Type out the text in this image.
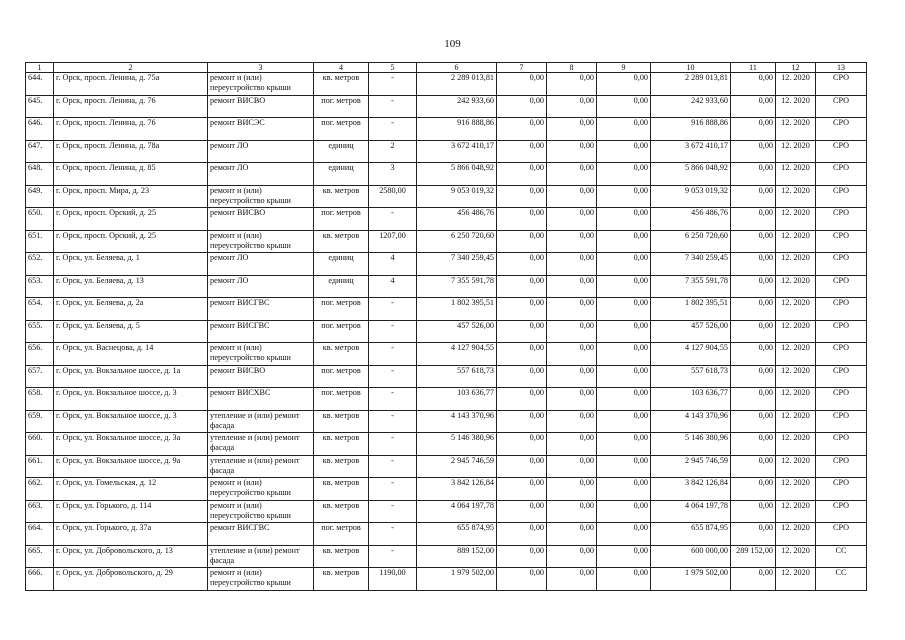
109
1	2	3	4	5	6	7	8	9	10	11	12	13
644.	г. Орск, просп. Ленина, д. 75а	ремонт и (или) переустройство крыши	кв. метров	-	2 289 013,81	0,00	0,00	0,00	2 289 013,81	0,00	12. 2020	СРО
645.	г. Орск, просп. Ленина, д. 76	ремонт ВИСВО	пог. метров	-	242 933,60	0,00	0,00	0,00	242 933,60	0,00	12. 2020	СРО
646.	г. Орск, просп. Ленина, д. 76	ремонт ВИСЭС	пог. метров	-	916 888,86	0,00	0,00	0,00	916 888,86	0,00	12. 2020	СРО
647.	г. Орск, просп. Ленина, д. 78а	ремонт ЛО	единиц	2	3 672 410,17	0,00	0,00	0,00	3 672 410,17	0,00	12. 2020	СРО
648.	г. Орск, просп. Ленина, д. 85	ремонт ЛО	единиц	3	5 866 048,92	0,00	0,00	0,00	5 866 048,92	0,00	12. 2020	СРО
649.	г. Орск, просп. Мира, д. 23	ремонт и (или) переустройство крыши	кв. метров	2580,00	9 053 019,32	0,00	0,00	0,00	9 053 019,32	0,00	12. 2020	СРО
650.	г. Орск, просп. Орский, д. 25	ремонт ВИСВО	пог. метров	-	456 486,76	0,00	0,00	0,00	456 486,76	0,00	12. 2020	СРО
651.	г. Орск, просп. Орский, д. 25	ремонт и (или) переустройство крыши	кв. метров	1207,00	6 250 720,60	0,00	0,00	0,00	6 250 720,60	0,00	12. 2020	СРО
652.	г. Орск, ул. Беляева, д. 1	ремонт ЛО	единиц	4	7 340 259,45	0,00	0,00	0,00	7 340 259,45	0,00	12. 2020	СРО
653.	г. Орск, ул. Беляева, д. 13	ремонт ЛО	единиц	4	7 355 591,78	0,00	0,00	0,00	7 355 591,78	0,00	12. 2020	СРО
654.	г. Орск, ул. Беляева, д. 2а	ремонт ВИСГВС	пог. метров	-	1 802 395,51	0,00	0,00	0,00	1 802 395,51	0,00	12. 2020	СРО
655.	г. Орск, ул. Беляева, д. 5	ремонт ВИСГВС	пог. метров	-	457 526,00	0,00	0,00	0,00	457 526,00	0,00	12. 2020	СРО
656.	г. Орск, ул. Васнецова, д. 14	ремонт и (или) переустройство крыши	кв. метров	-	4 127 904,55	0,00	0,00	0,00	4 127 904,55	0,00	12. 2020	СРО
657.	г. Орск, ул. Вокзальное шоссе, д. 1а	ремонт ВИСВО	пог. метров	-	557 618,73	0,00	0,00	0,00	557 618,73	0,00	12. 2020	СРО
658.	г. Орск, ул. Вокзальное шоссе, д. 3	ремонт ВИСХВС	пог. метров	-	103 636,77	0,00	0,00	0,00	103 636,77	0,00	12. 2020	СРО
659.	г. Орск, ул. Вокзальное шоссе, д. 3	утепление и (или) ремонт фасада	кв. метров	-	4 143 370,96	0,00	0,00	0,00	4 143 370,96	0,00	12. 2020	СРО
660.	г. Орск, ул. Вокзальное шоссе, д. 3а	утепление и (или) ремонт фасада	кв. метров	-	5 146 380,96	0,00	0,00	0,00	5 146 380,96	0,00	12. 2020	СРО
661.	г. Орск, ул. Вокзальное шоссе, д. 9а	утепление и (или) ремонт фасада	кв. метров	-	2 945 746,59	0,00	0,00	0,00	2 945 746,59	0,00	12. 2020	СРО
662.	г. Орск, ул. Гомельская, д. 12	ремонт и (или) переустройство крыши	кв. метров	-	3 842 126,84	0,00	0,00	0,00	3 842 126,84	0,00	12. 2020	СРО
663.	г. Орск, ул. Горького, д. 114	ремонт и (или) переустройство крыши	кв. метров	-	4 064 197,78	0,00	0,00	0,00	4 064 197,78	0,00	12. 2020	СРО
664.	г. Орск, ул. Горького, д. 37а	ремонт ВИСГВС	пог. метров	-	655 874,95	0,00	0,00	0,00	655 874,95	0,00	12. 2020	СРО
665.	г. Орск, ул. Добровольского, д. 13	утепление и (или) ремонт фасада	кв. метров	-	889 152,00	0,00	0,00	0,00	600 000,00	289 152,00	12. 2020	СС
666.	г. Орск, ул. Добровольского, д. 29	ремонт и (или) переустройство крыши	кв. метров	1190,00	1 979 502,00	0,00	0,00	0,00	1 979 502,00	0,00	12. 2020	СС
